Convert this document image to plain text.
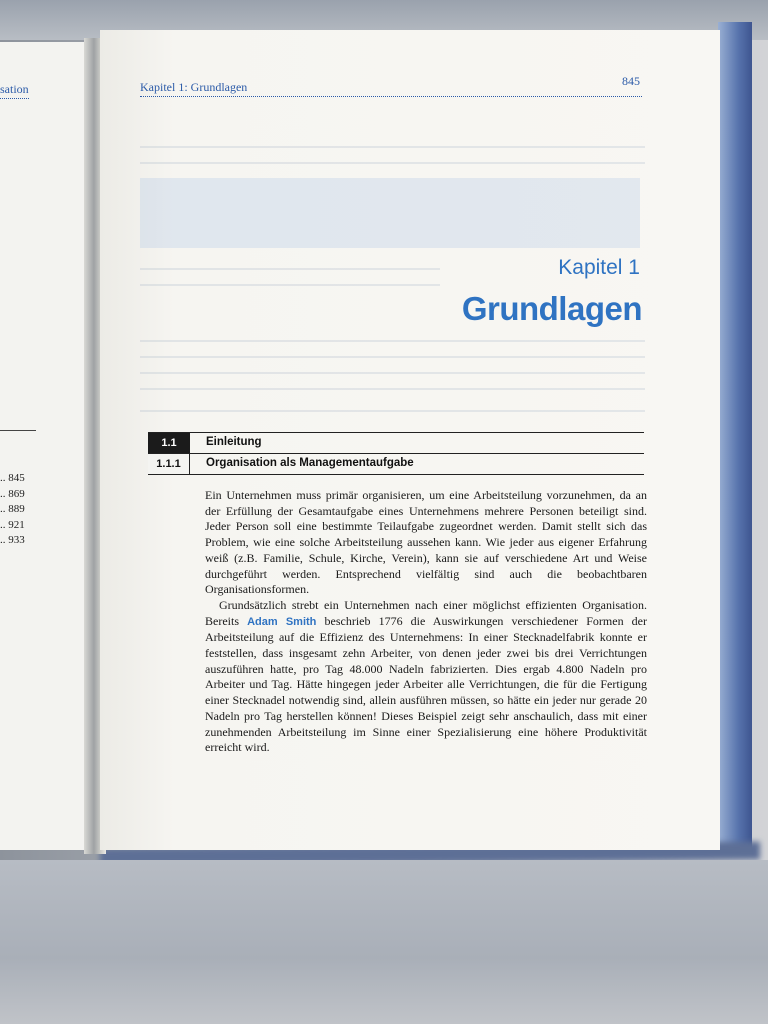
sation
.. 845
.. 869
.. 889
.. 921
.. 933
Kapitel 1: Grundlagen	845
Kapitel 1
Grundlagen
1.1	Einleitung
1.1.1	Organisation als Managementaufgabe

Ein Unternehmen muss primär organisieren, um eine Arbeitsteilung vorzunehmen, da an der Erfüllung der Gesamtaufgabe eines Unternehmens mehrere Personen beteiligt sind. Jeder Person soll eine bestimmte Teilaufgabe zugeordnet werden. Damit stellt sich das Problem, wie eine solche Arbeitsteilung aussehen kann. Wie jeder aus eigener Erfahrung weiß (z.B. Familie, Schule, Kirche, Verein), kann sie auf verschiedene Art und Weise durchgeführt werden. Entsprechend vielfältig sind auch die beobachtbaren Organisationsformen.

Grundsätzlich strebt ein Unternehmen nach einer möglichst effizienten Organisation. Bereits Adam Smith beschrieb 1776 die Auswirkungen verschiedener Formen der Arbeitsteilung auf die Effizienz des Unternehmens: In einer Stecknadelfabrik konnte er feststellen, dass insgesamt zehn Arbeiter, von denen jeder zwei bis drei Verrichtungen auszuführen hatte, pro Tag 48.000 Nadeln fabrizierten. Dies ergab 4.800 Nadeln pro Arbeiter und Tag. Hätte hingegen jeder Arbeiter alle Verrichtungen, die für die Fertigung einer Stecknadel notwendig sind, allein ausführen müssen, so hätte ein jeder nur gerade 20 Nadeln pro Tag herstellen können! Dieses Beispiel zeigt sehr anschaulich, dass mit einer zunehmenden Arbeitsteilung im Sinne einer Spezialisierung eine höhere Produktivität erreicht wird.
